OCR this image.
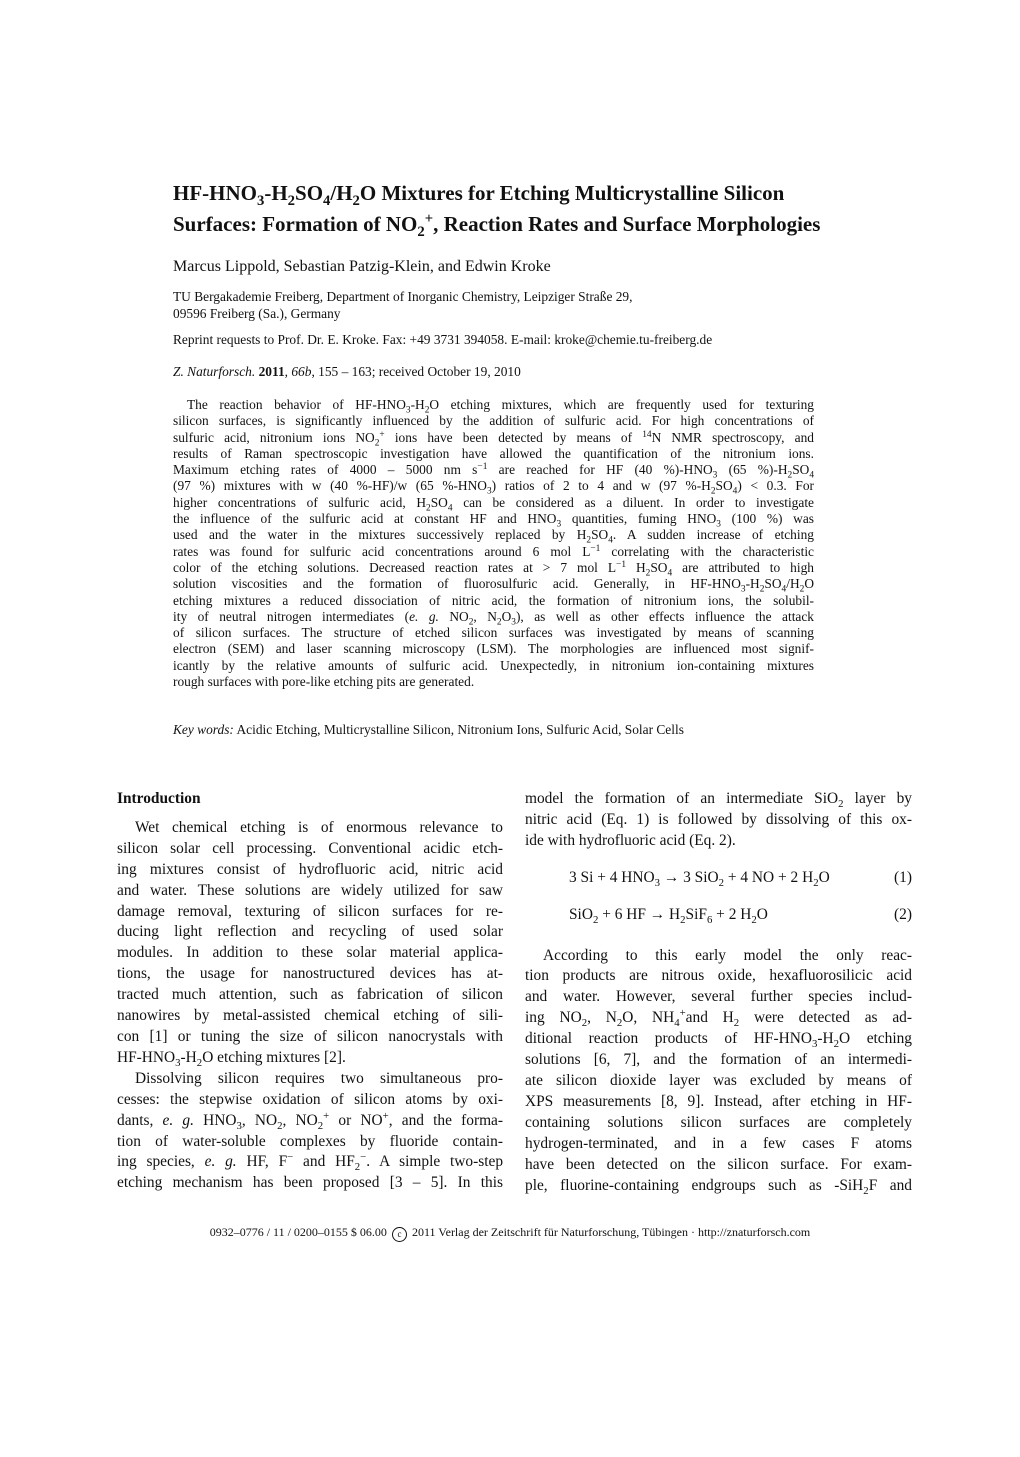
$HF-HNO_3-H_2SO_4/H_2O$ Mixtures for Etching Multicrystalline Silicon
Surfaces: Formation of $NO_2^+$, Reaction Rates and Surface Morphologies
Marcus Lippold, Sebastian Patzig-Klein, and Edwin Kroke
TU Bergakademie Freiberg, Department of Inorganic Chemistry, Leipziger Straße 29,
09596 Freiberg (Sa.), Germany
Reprint requests to Prof. Dr. E. Kroke. Fax: +49 3731 394058. E-mail: kroke@chemie.tu-freiberg.de
Z. Naturforsch. 2011, 66b, 155 – 163; received October 19, 2010
The reaction behavior of $HF-HNO_3-H_2O$ etching mixtures, which are frequently used for texturing
silicon surfaces, is significantly influenced by the addition of sulfuric acid. For high concentrations of
sulfuric acid, nitronium ions $NO_2^+$ ions have been detected by means of $^{14}$N NMR spectroscopy, and
results of Raman spectroscopic investigation have allowed the quantification of the nitronium ions.
Maximum etching rates of 4000 – 5000 nm $s^{-1}$ are reached for HF (40 $\%)-HNO_3$ (65 $\%)-H_2SO_4$
(97 %) mixtures with w (40 %-HF)/w (65 $\%-HNO_3$) ratios of 2 to 4 and w (97 $\%-H_2SO_4) < 0.3$. For
higher concentrations of sulfuric acid, $H_2SO_4$ can be considered as a diluent. In order to investigate
the influence of the sulfuric acid at constant HF and $HNO_3$ quantities, fuming $HNO_3$ (100 %) was
used and the water in the mixtures successively replaced by $H_2SO_4$. A sudden increase of etching
rates was found for sulfuric acid concentrations around 6 mol $L^{-1}$ correlating with the characteristic
color of the etching solutions. Decreased reaction rates at > 7 mol $L^{-1}$ $H_2SO_4$ are attributed to high
solution viscosities and the formation of fluorosulfuric acid. Generally, in $HF-HNO_3-H_2SO_4/H_2O$
etching mixtures a reduced dissociation of nitric acid, the formation of nitronium ions, the solubil-
ity of neutral nitrogen intermediates (e. g. $NO_2$, $N_2O_3$), as well as other effects influence the attack
of silicon surfaces. The structure of etched silicon surfaces was investigated by means of scanning
electron (SEM) and laser scanning microscopy (LSM). The morphologies are influenced most signif-
icantly by the relative amounts of sulfuric acid. Unexpectedly, in nitronium ion-containing mixtures
rough surfaces with pore-like etching pits are generated.
Key words: Acidic Etching, Multicrystalline Silicon, Nitronium Ions, Sulfuric Acid, Solar Cells
Introduction
Wet chemical etching is of enormous relevance to
silicon solar cell processing. Conventional acidic etch-
ing mixtures consist of hydrofluoric acid, nitric acid
and water. These solutions are widely utilized for saw
damage removal, texturing of silicon surfaces for re-
ducing light reflection and recycling of used solar
modules. In addition to these solar material applica-
tions, the usage for nanostructured devices has at-
tracted much attention, such as fabrication of silicon
nanowires by metal-assisted chemical etching of sili-
con [1] or tuning the size of silicon nanocrystals with
$HF-HNO_3-H_2O$ etching mixtures [2].
Dissolving silicon requires two simultaneous pro-
cesses: the stepwise oxidation of silicon atoms by oxi-
dants, e. g. $HNO_3$, $NO_2$, $NO_2^+$ or NO+, and the forma-
tion of water-soluble complexes by fluoride contain-
ing species, e. g. HF, F− and $HF_2^-$. A simple two-step
etching mechanism has been proposed [3 – 5]. In this
model the formation of an intermediate SiO$_2$ layer by
nitric acid (Eq. 1) is followed by dissolving of this ox-
ide with hydrofluoric acid (Eq. 2).
3 Si + 4 $HNO_3 \to 3$ SiO$_2$ + 4 NO + 2 $H_2O$	(1)
SiO$_2$ + 6 HF → $H_2SiF_6 + 2$ $H_2O$	(2)
According to this early model the only reac-
tion products are nitrous oxide, hexafluorosilicic acid
and water. However, several further species includ-
ing $NO_2$, $N_2O$, $NH_4^+and$ $H_2$ were detected as ad-
ditional reaction products of $HF-HNO_3-H_2O$ etching
solutions [6, 7], and the formation of an intermedi-
ate silicon dioxide layer was excluded by means of
XPS measurements [8, 9]. Instead, after etching in HF-
containing solutions silicon surfaces are completely
hydrogen-terminated, and in a few cases F atoms
have been detected on the silicon surface. For exam-
ple, fluorine-containing endgroups such as -SiH$_2$F and
0932–0776 / 11 / 0200–0155 $ 06.00 c 2011 Verlag der Zeitschrift für Naturforschung, Tübingen · http://znaturforsch.com
